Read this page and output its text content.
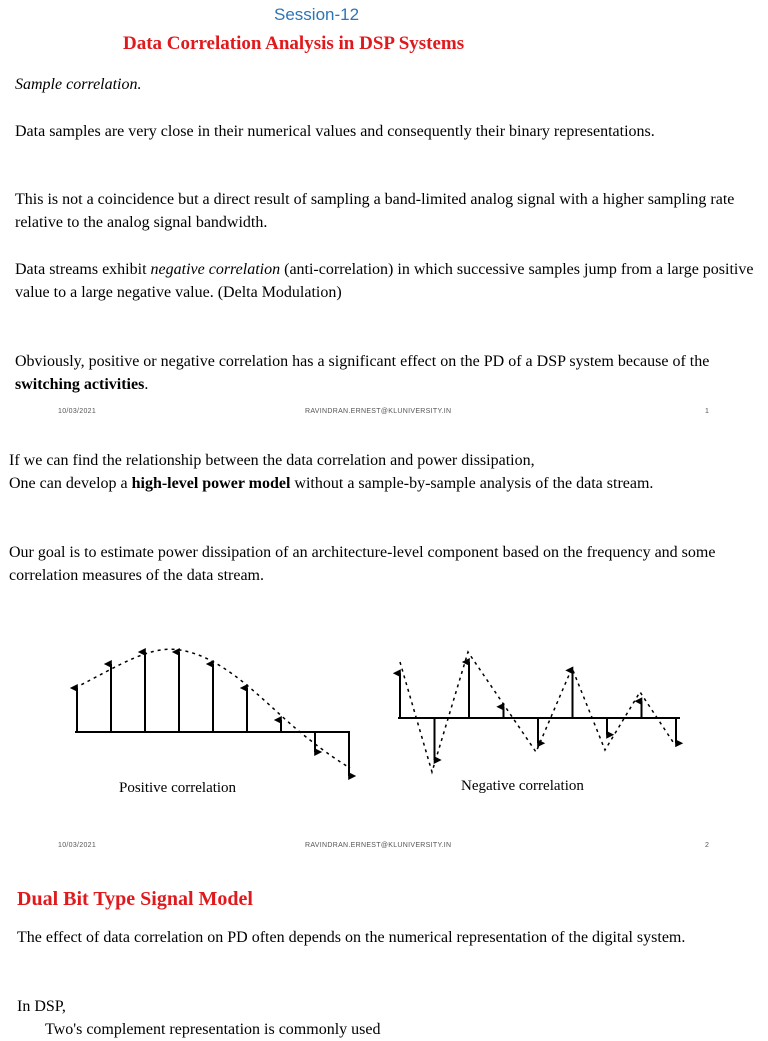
Session-12
Data Correlation Analysis in DSP Systems

Sample correlation.

Data samples are very close in their numerical values and consequently their binary representations.

This is not a coincidence but a direct result of sampling a band-limited analog signal with a higher sampling rate relative to the analog signal bandwidth.

Data streams exhibit negative correlation (anti-correlation) in which successive samples jump from a large positive value to a large negative value. (Delta Modulation)

Obviously, positive or negative correlation has a significant effect on the PD of a DSP system because of the switching activities.

10/03/2021	RAVINDRAN.ERNEST@KLUNIVERSITY.IN	1

If we can find the relationship between the data correlation and power dissipation,

One can develop a high-level power model without a sample-by-sample analysis of the data stream.

Our goal is to estimate power dissipation of an architecture-level component based on the frequency and some correlation measures of the data stream.

Positive correlation	Negative correlation
10/03/2021	RAVINDRAN.ERNEST@KLUNIVERSITY.IN	2
Dual Bit Type Signal Model

The effect of data correlation on PD often depends on the numerical representation of the digital system.

In DSP,

Two's complement representation is commonly used
